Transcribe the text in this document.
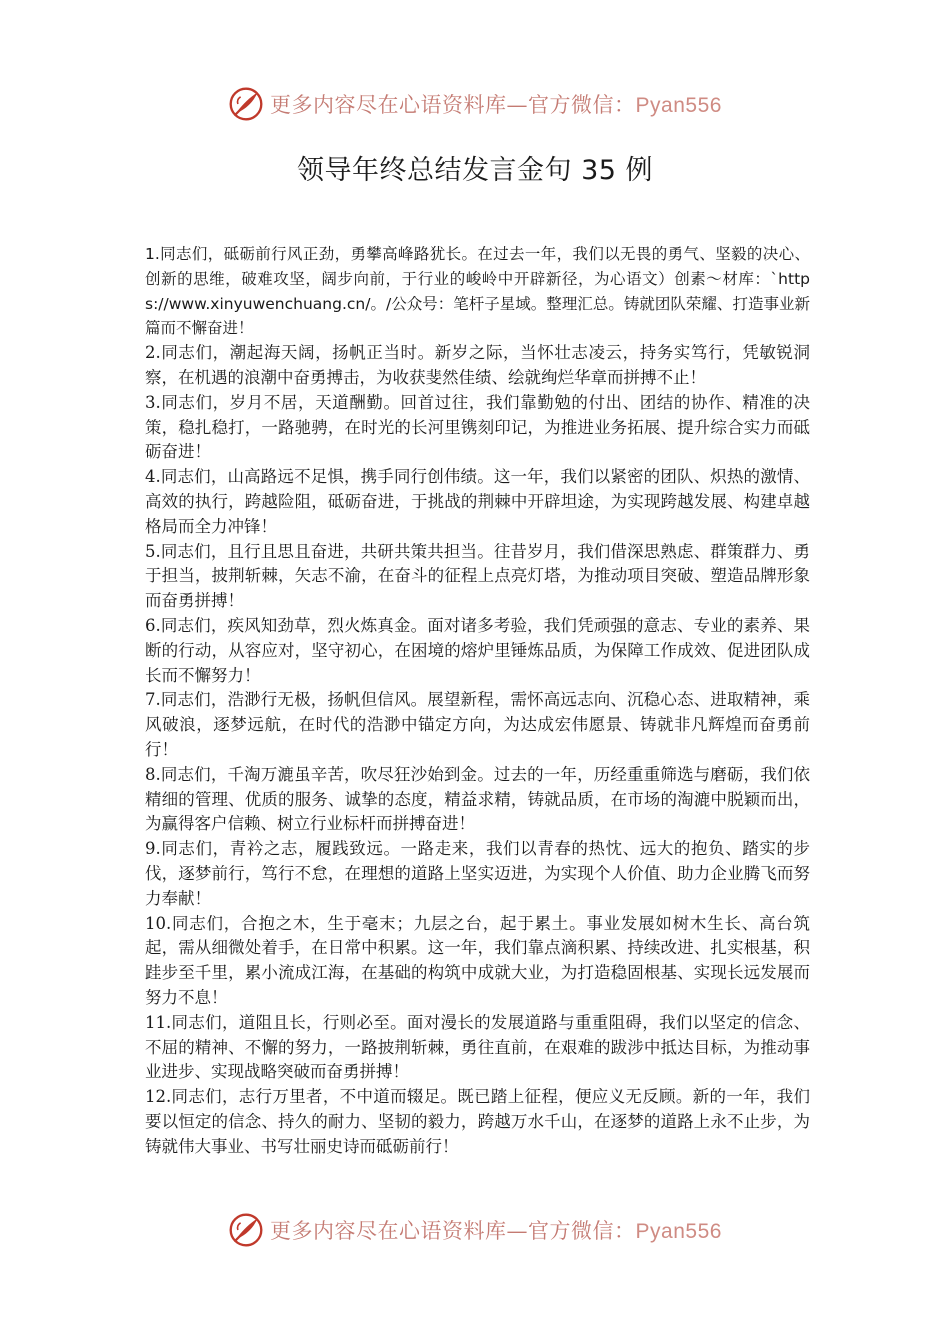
更多内容尽在心语资料库—官方微信：Pyan556
领导年终总结发言金句 35 例

1.同志们，砥砺前行风正劲，勇攀高峰路犹长。在过去一年，我们以无畏的勇气、坚毅的决心、创新的思维，破难攻坚，阔步向前，于行业的峻岭中开辟新径，为心语文）创素～材库：`https://www.xinyuwenchuang.cn/。/公众号：笔杆子星域。整理汇总。铸就团队荣耀、打造事业新篇而不懈奋进！

2.同志们，潮起海天阔，扬帆正当时。新岁之际，当怀壮志凌云，持务实笃行，凭敏锐洞察，在机遇的浪潮中奋勇搏击，为收获斐然佳绩、绘就绚烂华章而拼搏不止！

3.同志们，岁月不居，天道酬勤。回首过往，我们靠勤勉的付出、团结的协作、精准的决策，稳扎稳打，一路驰骋，在时光的长河里镌刻印记，为推进业务拓展、提升综合实力而砥砺奋进！

4.同志们，山高路远不足惧，携手同行创伟绩。这一年，我们以紧密的团队、炽热的激情、高效的执行，跨越险阻，砥砺奋进，于挑战的荆棘中开辟坦途，为实现跨越发展、构建卓越格局而全力冲锋！

5.同志们，且行且思且奋进，共研共策共担当。往昔岁月，我们借深思熟虑、群策群力、勇于担当，披荆斩棘，矢志不渝，在奋斗的征程上点亮灯塔，为推动项目突破、塑造品牌形象而奋勇拼搏！

6.同志们，疾风知劲草，烈火炼真金。面对诸多考验，我们凭顽强的意志、专业的素养、果断的行动，从容应对，坚守初心，在困境的熔炉里锤炼品质，为保障工作成效、促进团队成长而不懈努力！

7.同志们，浩渺行无极，扬帆但信风。展望新程，需怀高远志向、沉稳心态、进取精神，乘风破浪，逐梦远航，在时代的浩渺中锚定方向，为达成宏伟愿景、铸就非凡辉煌而奋勇前行！

8.同志们，千淘万漉虽辛苦，吹尽狂沙始到金。过去的一年，历经重重筛选与磨砺，我们依精细的管理、优质的服务、诚挚的态度，精益求精，铸就品质，在市场的淘漉中脱颖而出，为赢得客户信赖、树立行业标杆而拼搏奋进！

9.同志们，青衿之志，履践致远。一路走来，我们以青春的热忱、远大的抱负、踏实的步伐，逐梦前行，笃行不怠，在理想的道路上坚实迈进，为实现个人价值、助力企业腾飞而努力奉献！

10.同志们，合抱之木，生于毫末；九层之台，起于累土。事业发展如树木生长、高台筑起，需从细微处着手，在日常中积累。这一年，我们靠点滴积累、持续改进、扎实根基，积跬步至千里，累小流成江海，在基础的构筑中成就大业，为打造稳固根基、实现长远发展而努力不息！

11.同志们，道阻且长，行则必至。面对漫长的发展道路与重重阻碍，我们以坚定的信念、不屈的精神、不懈的努力，一路披荆斩棘，勇往直前，在艰难的跋涉中抵达目标，为推动事业进步、实现战略突破而奋勇拼搏！

12.同志们，志行万里者，不中道而辍足。既已踏上征程，便应义无反顾。新的一年，我们要以恒定的信念、持久的耐力、坚韧的毅力，跨越万水千山，在逐梦的道路上永不止步，为铸就伟大事业、书写壮丽史诗而砥砺前行！

更多内容尽在心语资料库—官方微信：Pyan556
